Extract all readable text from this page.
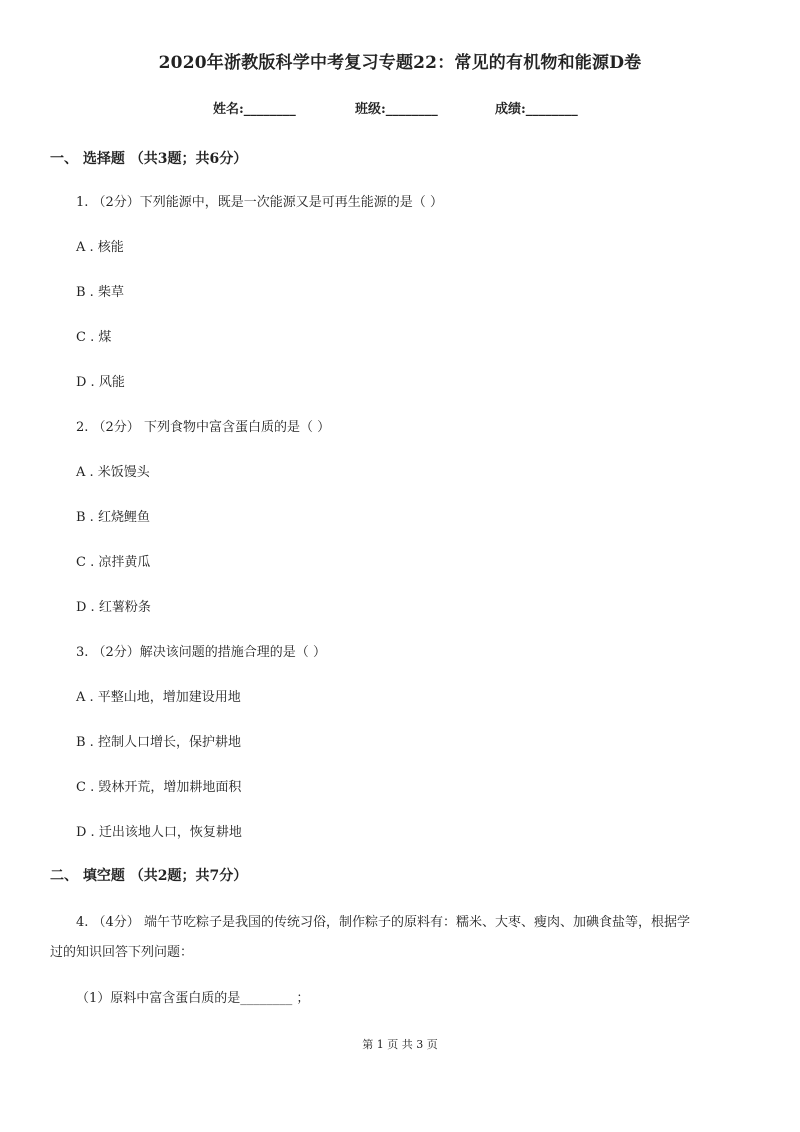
2020年浙教版科学中考复习专题22：常见的有机物和能源D卷
姓名:________	班级:________	成绩:________
一、 选择题 （共3题；共6分）
1. （2分）下列能源中，既是一次能源又是可再生能源的是（ ）
A . 核能
B . 柴草
C . 煤
D . 风能
2. （2分） 下列食物中富含蛋白质的是（ ）
A . 米饭馒头
B . 红烧鲤鱼
C . 凉拌黄瓜
D . 红薯粉条
3. （2分）解决该问题的措施合理的是（ ）
A . 平整山地，增加建设用地
B . 控制人口增长，保护耕地
C . 毁林开荒，增加耕地面积
D . 迁出该地人口，恢复耕地
二、 填空题 （共2题；共7分）
4. （4分） 端午节吃粽子是我国的传统习俗，制作粽子的原料有：糯米、大枣、瘦肉、加碘食盐等，根据学
过的知识回答下列问题：
（1）原料中富含蛋白质的是________ ；
第 1 页 共 3 页
